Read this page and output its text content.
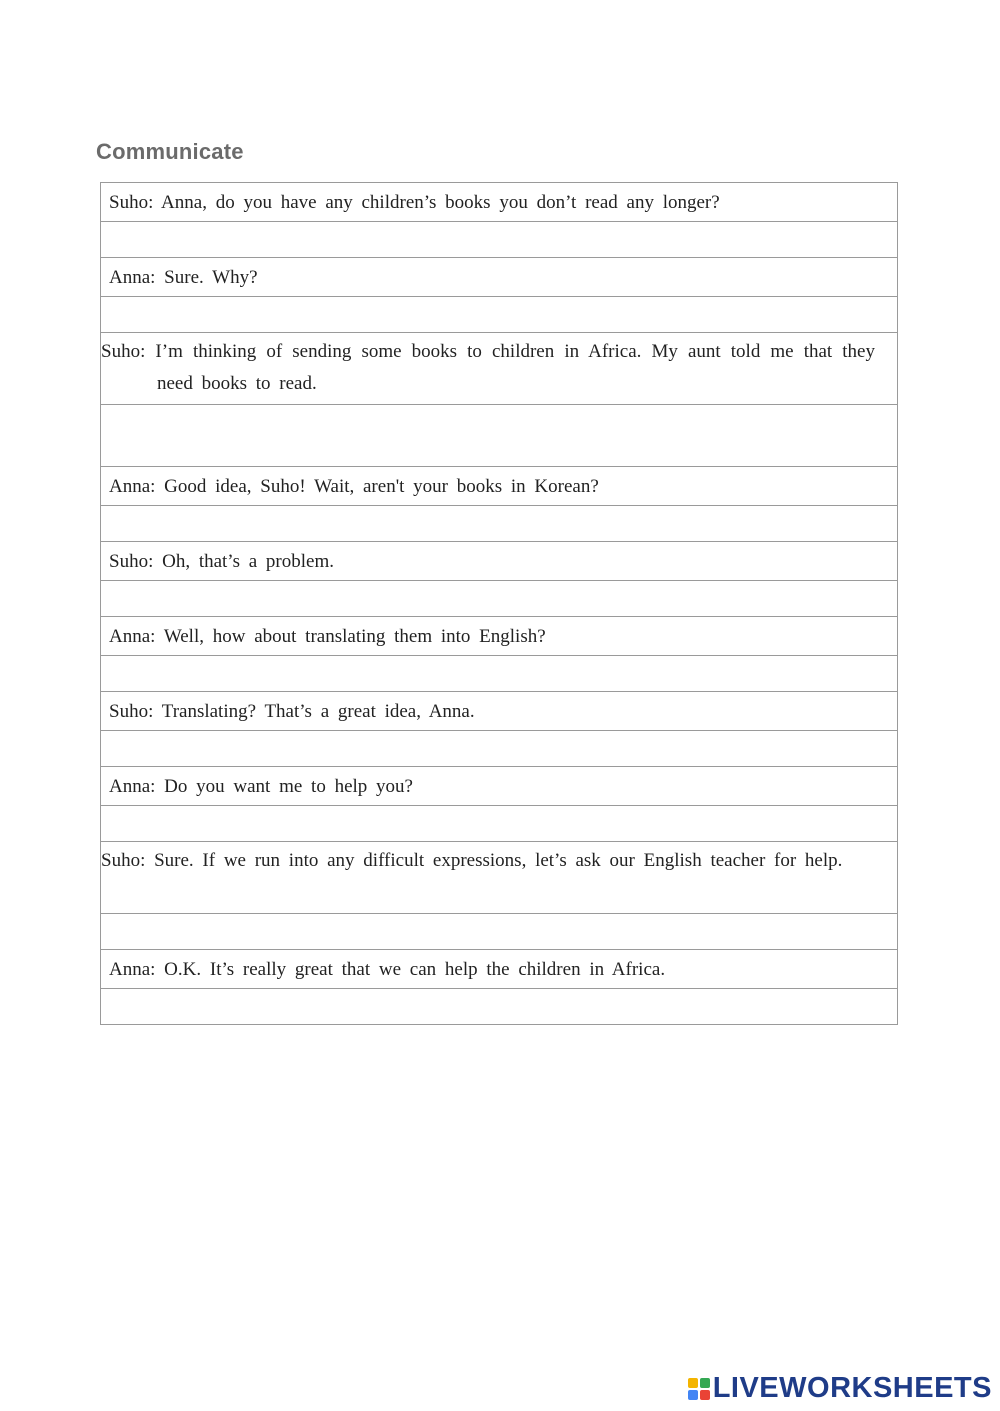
Communicate
Suho: Anna, do you have any children’s books you don’t read any longer?
Anna: Sure. Why?
Suho: I’m thinking of sending some books to children in Africa. My aunt told me that they need books to read.
Anna: Good idea, Suho! Wait, aren't your books in Korean?
Suho: Oh, that’s a problem.
Anna: Well, how about translating them into English?
Suho: Translating? That’s a great idea, Anna.
Anna: Do you want me to help you?
Suho: Sure. If we run into any difficult expressions, let’s ask our English teacher for help.
Anna: O.K. It’s really great that we can help the children in Africa.
LIVEWORKSHEETS
